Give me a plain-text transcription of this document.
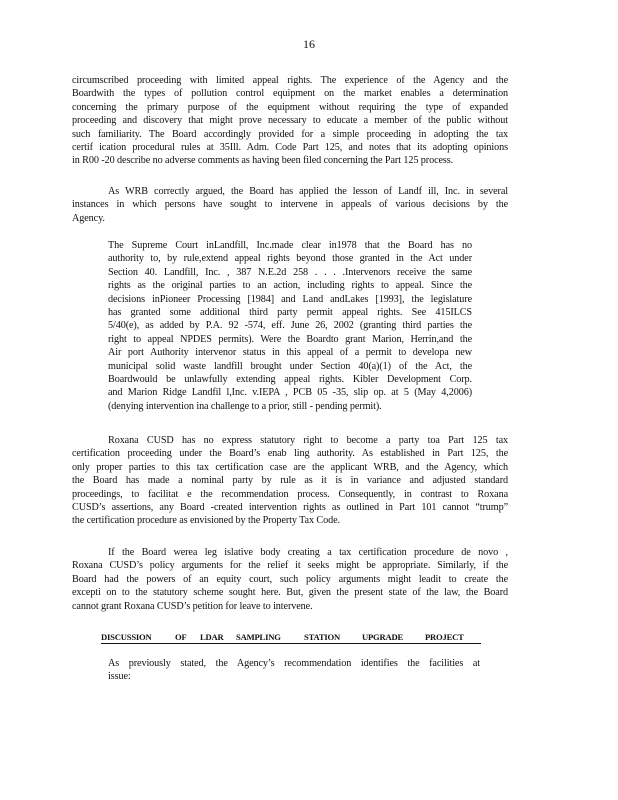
16
circumscribed proceeding with limited appeal rights. The experience of the Agency and the
Boardwith the types of pollution control equipment on the market enables a determination
concerning the primary purpose of the equipment without requiring the type of expanded
proceeding and discovery that might prove necessary to educate a member of the public without
such familiarity. The Board accordingly provided for a simple proceeding in adopting the tax
certif ication procedural rules at 35Ill. Adm. Code Part 125, and notes that its adopting opinions
in R00 -20 describe no adverse comments as having been filed concerning the Part 125 process.
As WRB correctly argued, the Board has applied the lesson of Landf ill, Inc. in several
instances in which persons have sought to intervene in appeals of various decisions by the
Agency.
The Supreme Court inLandfill, Inc.made clear in1978 that the Board has no
authority to, by rule,extend appeal rights beyond those granted in the Act under
Section 40. Landfill, Inc. , 387 N.E.2d 258 . . . .Intervenors receive the same
rights as the original parties to an action, including rights to appeal. Since the
decisions inPioneer Processing [1984] and Land andLakes [1993], the legislature
has granted some additional third party permit appeal rights. See 415ILCS
5/40(e), as added by P.A. 92 -574, eff. June 26, 2002 (granting third parties the
right to appeal NPDES permits). Were the Boardto grant Marion, Herrin,and the
Air port Authority intervenor status in this appeal of a permit to developa new
municipal solid waste landfill brought under Section 40(a)(1) of the Act, the
Boardwould be unlawfully extending appeal rights. Kibler Development Corp.
and Marion Ridge Landfil l,Inc. v.IEPA , PCB 05 -35, slip op. at 5 (May 4,2006)
(denying intervention ina challenge to a prior, still - pending permit).
Roxana CUSD has no express statutory right to become a party toa Part 125 tax
certification proceeding under the Board’s enab ling authority. As established in Part 125, the
only proper parties to this tax certification case are the applicant WRB, and the Agency, which
the Board has made a nominal party by rule as it is in variance and adjusted standard
proceedings, to facilitat e the recommendation process. Consequently, in contrast to Roxana
CUSD’s assertions, any Board -created intervention rights as outlined in Part 101 cannot “trump”
the certification procedure as envisioned by the Property Tax Code.
If the Board werea leg islative body creating a tax certification procedure de novo ,
Roxana CUSD’s policy arguments for the relief it seeks might be appropriate. Similarly, if the
Board had the powers of an equity court, such policy arguments might leadit to create the
excepti on to the statutory scheme sought here. But, given the present state of the law, the Board
cannot grant Roxana CUSD’s petition for leave to intervene.
DISCUSSION	OF LDAR SAMPLING	STATION	UPGRADE	PROJECT
As previously stated, the Agency’s recommendation identifies the facilities at
issue:
